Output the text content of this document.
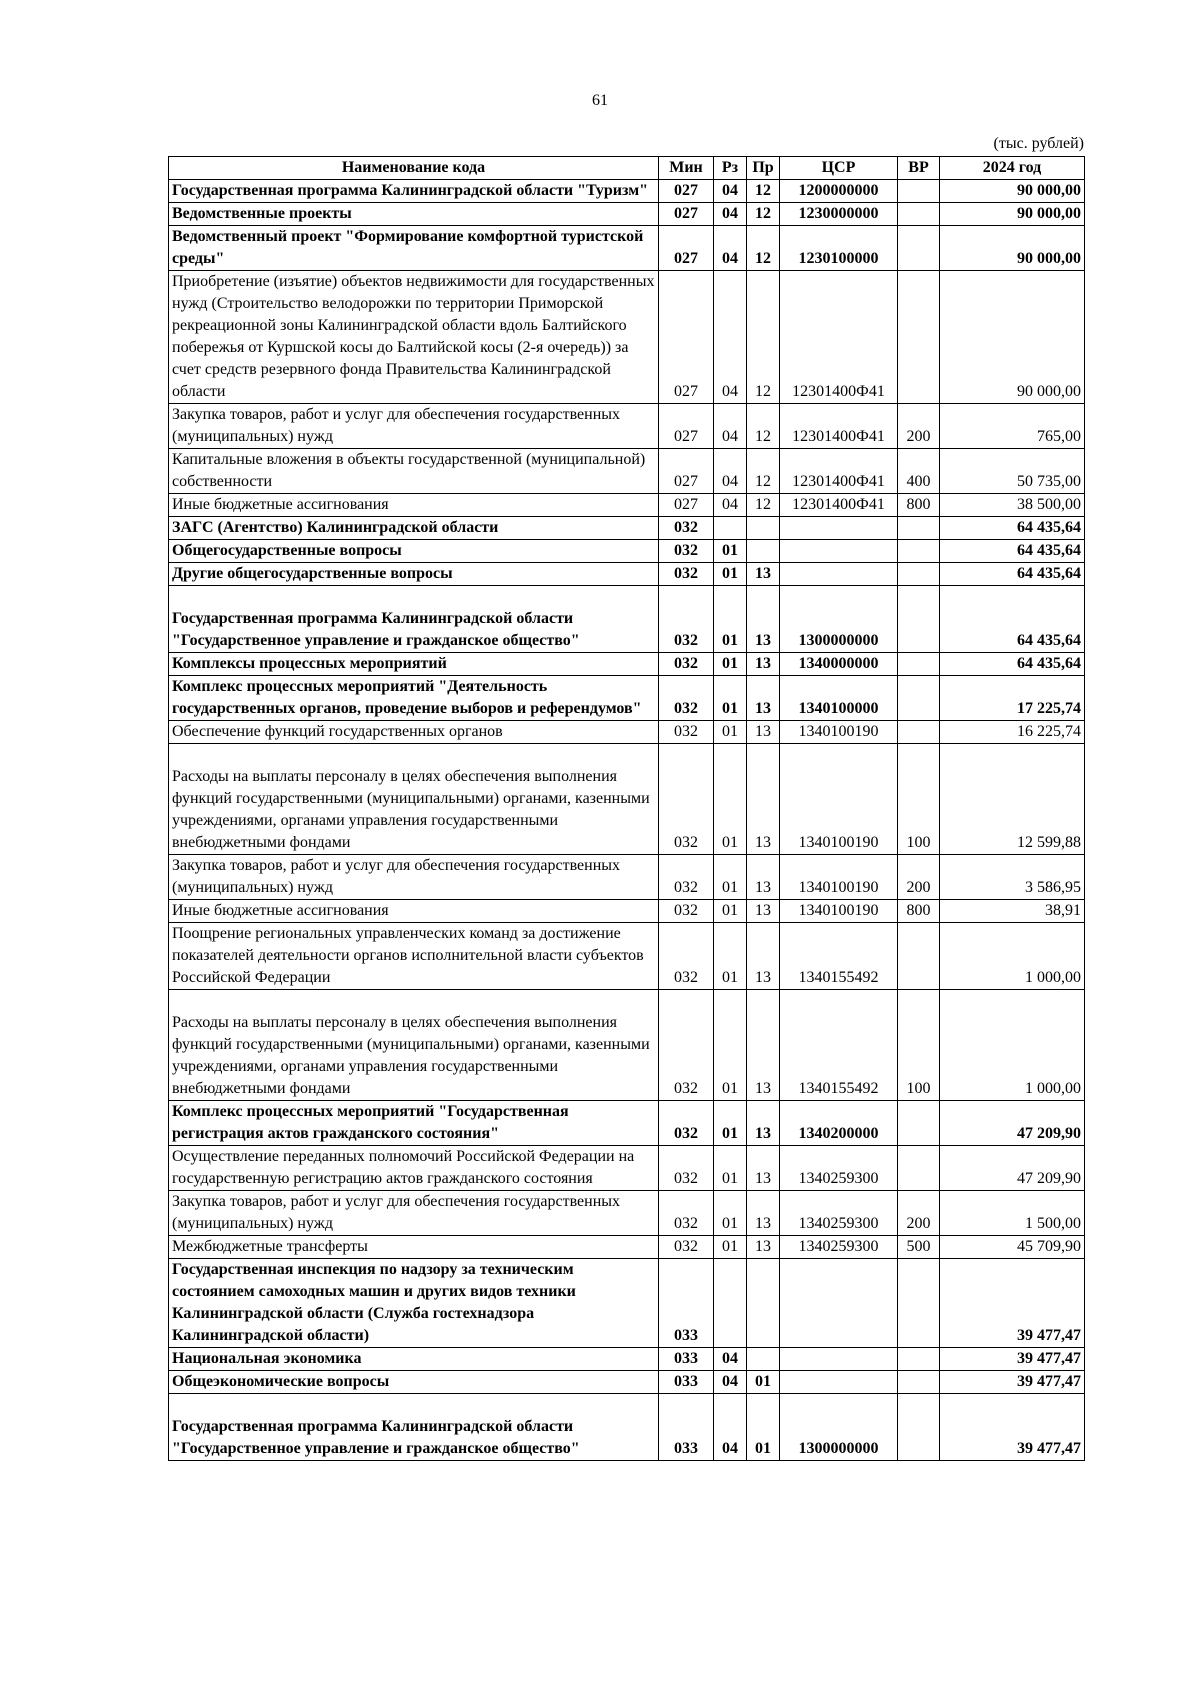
61
(тыс. рублей)
Наименование кода	Мин	Рз	Пр	ЦСР	ВР	2024 год
Государственная программа Калининградской области "Туризм"	027	04	12	1200000000		90 000,00
Ведомственные проекты	027	04	12	1230000000		90 000,00
Ведомственный проект "Формирование комфортной туристской среды"	027	04	12	1230100000		90 000,00
Приобретение (изъятие) объектов недвижимости для государственных нужд (Строительство велодорожки по территории Приморской рекреационной зоны Калининградской области вдоль Балтийского побережья от Куршской косы до Балтийской косы (2-я очередь)) за счет средств резервного фонда Правительства Калининградской области	027	04	12	12301400Ф41		90 000,00
Закупка товаров, работ и услуг для обеспечения государственных (муниципальных) нужд	027	04	12	12301400Ф41	200	765,00
Капитальные вложения в объекты государственной (муниципальной) собственности	027	04	12	12301400Ф41	400	50 735,00
Иные бюджетные ассигнования	027	04	12	12301400Ф41	800	38 500,00
ЗАГС (Агентство) Калининградской области	032					64 435,64
Общегосударственные вопросы	032	01				64 435,64
Другие общегосударственные вопросы	032	01	13			64 435,64
Государственная программа Калининградской области "Государственное управление и гражданское общество"	032	01	13	1300000000		64 435,64
Комплексы процессных мероприятий	032	01	13	1340000000		64 435,64
Комплекс процессных мероприятий "Деятельность государственных органов, проведение выборов и референдумов"	032	01	13	1340100000		17 225,74
Обеспечение функций государственных органов	032	01	13	1340100190		16 225,74
Расходы на выплаты персоналу в целях обеспечения выполнения функций государственными (муниципальными) органами, казенными учреждениями, органами управления государственными внебюджетными фондами	032	01	13	1340100190	100	12 599,88
Закупка товаров, работ и услуг для обеспечения государственных (муниципальных) нужд	032	01	13	1340100190	200	3 586,95
Иные бюджетные ассигнования	032	01	13	1340100190	800	38,91
Поощрение региональных управленческих команд за достижение показателей деятельности органов исполнительной власти субъектов Российской Федерации	032	01	13	1340155492		1 000,00
Расходы на выплаты персоналу в целях обеспечения выполнения функций государственными (муниципальными) органами, казенными учреждениями, органами управления государственными внебюджетными фондами	032	01	13	1340155492	100	1 000,00
Комплекс процессных мероприятий "Государственная регистрация актов гражданского состояния"	032	01	13	1340200000		47 209,90
Осуществление переданных полномочий Российской Федерации на государственную регистрацию актов гражданского состояния	032	01	13	1340259300		47 209,90
Закупка товаров, работ и услуг для обеспечения государственных (муниципальных) нужд	032	01	13	1340259300	200	1 500,00
Межбюджетные трансферты	032	01	13	1340259300	500	45 709,90
Государственная инспекция по надзору за техническим состоянием самоходных машин и других видов техники Калининградской области (Служба гостехнадзора Калининградской области)	033					39 477,47
Национальная экономика	033	04				39 477,47
Общеэкономические вопросы	033	04	01			39 477,47
Государственная программа Калининградской области "Государственное управление и гражданское общество"	033	04	01	1300000000		39 477,47
